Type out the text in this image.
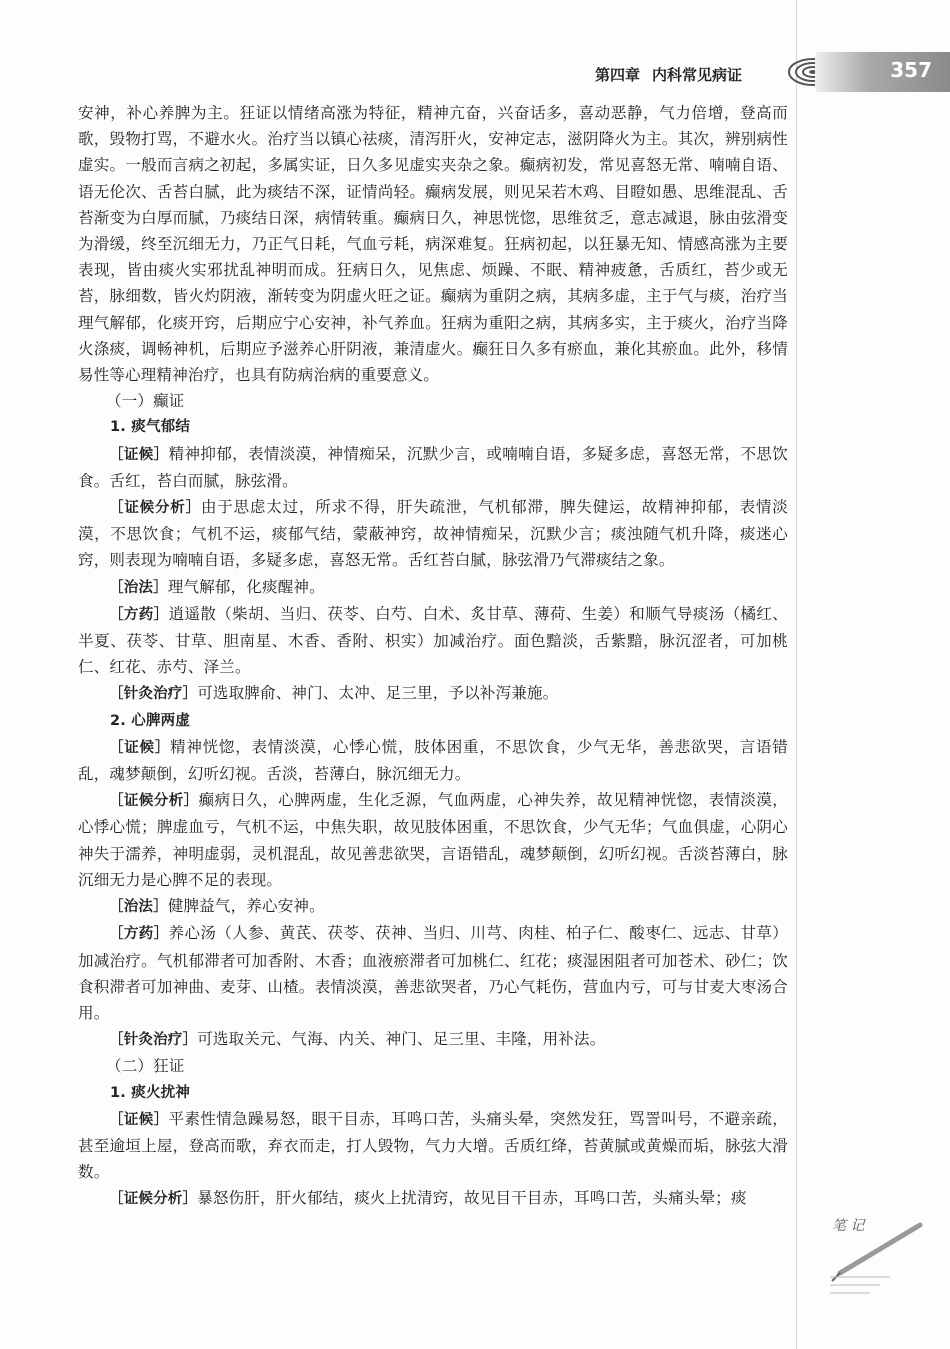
第四章 内科常见病证	357

安神，补心养脾为主。狂证以情绪高涨为特征，精神亢奋，兴奋话多，喜动恶静，气力倍增，登高而歌，毁物打骂，不避水火。治疗当以镇心祛痰，清泻肝火，安神定志，滋阴降火为主。其次，辨别病性虚实。一般而言病之初起，多属实证，日久多见虚实夹杂之象。癫病初发，常见喜怒无常、喃喃自语、语无伦次、舌苔白腻，此为痰结不深，证情尚轻。癫病发展，则见呆若木鸡、目瞪如愚、思维混乱、舌苔渐变为白厚而腻，乃痰结日深，病情转重。癫病日久，神思恍惚，思维贫乏，意志减退，脉由弦滑变为滑缓，终至沉细无力，乃正气日耗，气血亏耗，病深难复。狂病初起，以狂暴无知、情感高涨为主要表现，皆由痰火实邪扰乱神明而成。狂病日久，见焦虑、烦躁、不眠、精神疲惫，舌质红，苔少或无苔，脉细数，皆火灼阴液，渐转变为阴虚火旺之证。癫病为重阴之病，其病多虚，主于气与痰，治疗当理气解郁，化痰开窍，后期应宁心安神，补气养血。狂病为重阳之病，其病多实，主于痰火，治疗当降火涤痰，调畅神机，后期应予滋养心肝阴液，兼清虚火。癫狂日久多有瘀血，兼化其瘀血。此外，移情易性等心理精神治疗，也具有防病治病的重要意义。

（一）癫证

1. 痰气郁结

［证候］精神抑郁，表情淡漠，神情痴呆，沉默少言，或喃喃自语，多疑多虑，喜怒无常，不思饮食。舌红，苔白而腻，脉弦滑。

［证候分析］由于思虑太过，所求不得，肝失疏泄，气机郁滞，脾失健运，故精神抑郁，表情淡漠，不思饮食；气机不运，痰郁气结，蒙蔽神窍，故神情痴呆，沉默少言；痰浊随气机升降，痰迷心窍，则表现为喃喃自语，多疑多虑，喜怒无常。舌红苔白腻，脉弦滑乃气滞痰结之象。

［治法］理气解郁，化痰醒神。

［方药］逍遥散（柴胡、当归、茯苓、白芍、白术、炙甘草、薄荷、生姜）和顺气导痰汤（橘红、半夏、茯苓、甘草、胆南星、木香、香附、枳实）加减治疗。面色黯淡，舌紫黯，脉沉涩者，可加桃仁、红花、赤芍、泽兰。

［针灸治疗］可选取脾俞、神门、太冲、足三里，予以补泻兼施。

2. 心脾两虚

［证候］精神恍惚，表情淡漠，心悸心慌，肢体困重，不思饮食，少气无华，善悲欲哭，言语错乱，魂梦颠倒，幻听幻视。舌淡，苔薄白，脉沉细无力。

［证候分析］癫病日久，心脾两虚，生化乏源，气血两虚，心神失养，故见精神恍惚，表情淡漠，心悸心慌；脾虚血亏，气机不运，中焦失职，故见肢体困重，不思饮食，少气无华；气血俱虚，心阴心神失于濡养，神明虚弱，灵机混乱，故见善悲欲哭，言语错乱，魂梦颠倒，幻听幻视。舌淡苔薄白，脉沉细无力是心脾不足的表现。

［治法］健脾益气，养心安神。

［方药］养心汤（人参、黄芪、茯苓、茯神、当归、川芎、肉桂、柏子仁、酸枣仁、远志、甘草）加减治疗。气机郁滞者可加香附、木香；血液瘀滞者可加桃仁、红花；痰湿困阻者可加苍术、砂仁；饮食积滞者可加神曲、麦芽、山楂。表情淡漠，善悲欲哭者，乃心气耗伤，营血内亏，可与甘麦大枣汤合用。

［针灸治疗］可选取关元、气海、内关、神门、足三里、丰隆，用补法。

（二）狂证

1. 痰火扰神

［证候］平素性情急躁易怒，眼干目赤，耳鸣口苦，头痛头晕，突然发狂，骂詈叫号，不避亲疏，甚至逾垣上屋，登高而歌，弃衣而走，打人毁物，气力大增。舌质红绛，苔黄腻或黄燥而垢，脉弦大滑数。

［证候分析］暴怒伤肝，肝火郁结，痰火上扰清窍，故见目干目赤，耳鸣口苦，头痛头晕；痰

笔 记
